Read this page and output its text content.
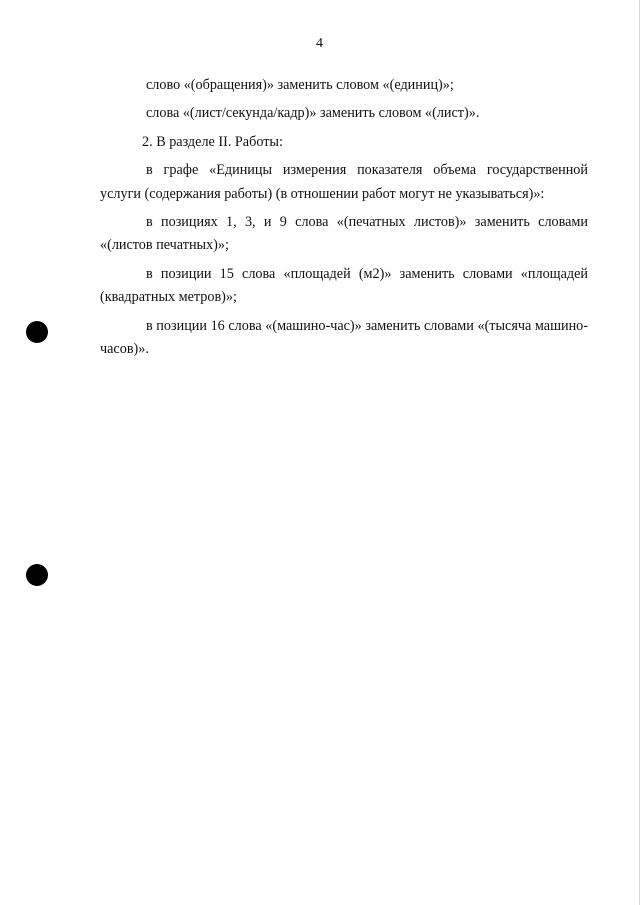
4

слово «(обращения)» заменить словом «(единиц)»;

слова «(лист/секунда/кадр)» заменить словом «(лист)».

2. В разделе II. Работы:

в графе «Единицы измерения показателя объема государственной услуги (содержания работы) (в отношении работ могут не указываться)»:

в позициях 1, 3, и 9 слова «(печатных листов)» заменить словами «(листов печатных)»;

в позиции 15 слова «площадей (м2)» заменить словами «площадей (квадратных метров)»;

в позиции 16 слова «(машино-час)» заменить словами «(тысяча машино-часов)».
